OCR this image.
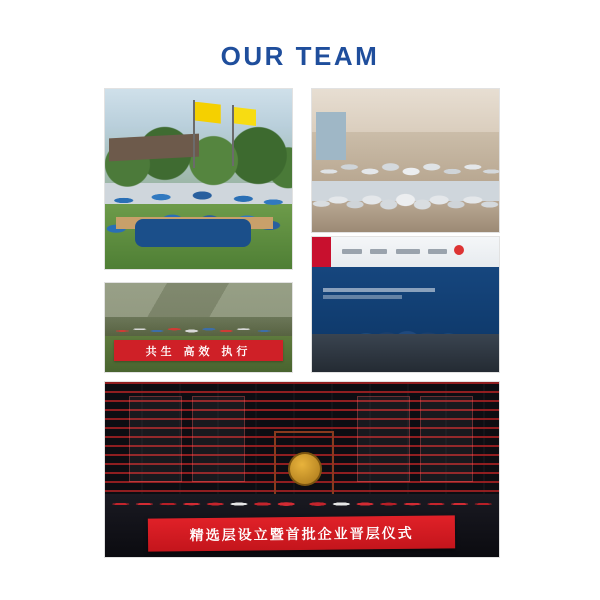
OUR TEAM
共生 高效 执行
精选层设立暨首批企业晋层仪式
